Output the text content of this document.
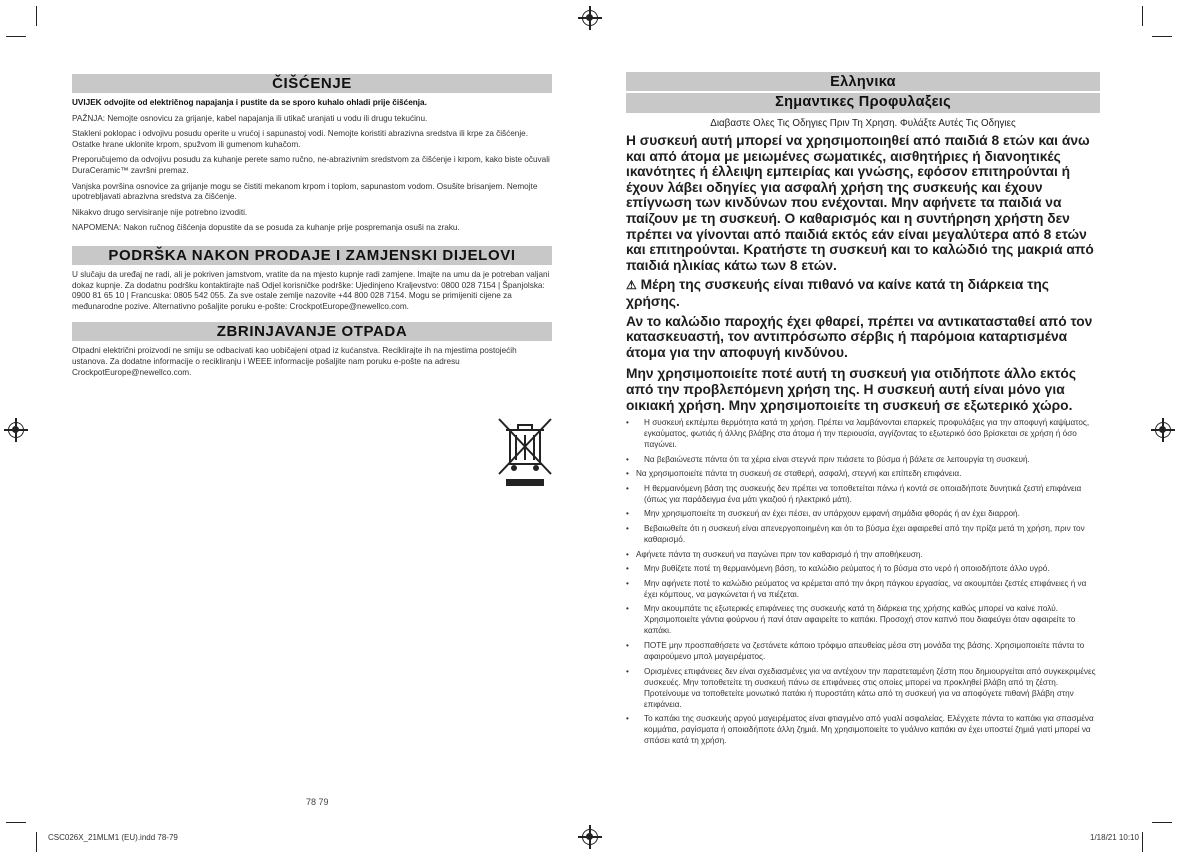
ČIŠĆENJE

UVIJEK odvojite od električnog napajanja i pustite da se sporo kuhalo ohladi prije čišćenja.

PAŽNJA: Nemojte osnovicu za grijanje, kabel napajanja ili utikač uranjati u vodu ili drugu tekućinu.

Stakleni poklopac i odvojivu posudu operite u vrućoj i sapunastoj vodi. Nemojte koristiti abrazivna sredstva ili krpe za čišćenje. Ostatke hrane uklonite krpom, spužvom ili gumenom kuhačom.

Preporučujemo da odvojivu posudu za kuhanje perete samo ručno, ne-abrazivnim sredstvom za čišćenje i krpom, kako biste očuvali DuraCeramic™ završni premaz.

Vanjska površina osnovice za grijanje mogu se čistiti mekanom krpom i toplom, sapunastom vodom. Osušite brisanjem. Nemojte upotrebljavati abrazivna sredstva za čišćenje.

Nikakvo drugo servisiranje nije potrebno izvoditi.

NAPOMENA: Nakon ručnog čišćenja dopustite da se posuda za kuhanje prije pospremanja osuši na zraku.

PODRŠKA NAKON PRODAJE I ZAMJENSKI DIJELOVI

U slučaju da uređaj ne radi, ali je pokriven jamstvom, vratite da na mjesto kupnje radi zamjene. Imajte na umu da je potreban valjani dokaz kupnje. Za dodatnu podršku kontaktirajte naš Odjel korisničke podrške: Ujedinjeno Kraljevstvo: 0800 028 7154 | Španjolska: 0900 81 65 10 | Francuska: 0805 542 055. Za sve ostale zemlje nazovite +44 800 028 7154. Mogu se primijeniti cijene za međunarodne pozive. Alternativno pošaljite poruku e-pošte: CrockpotEurope@newellco.com.

ZBRINJAVANJE OTPADA

Otpadni električni proizvodi ne smiju se odbacivati kao uobičajeni otpad iz kućanstva. Reciklirajte ih na mjestima postojećih ustanova. Za dodatne informacije o recikliranju i WEEE informacije pošaljite nam poruku e-pošte na adresu CrockpotEurope@newellco.com.

Ελληνικα
Σημαντικες Προφυλαξεις
Διαβαστε Ολες Τις Οδηγιες Πριν Τη Χρηση. Φυλάξτε Αυτές Τις Οδηγιες

Η συσκευή αυτή μπορεί να χρησιμοποιηθεί από παιδιά 8 ετών και άνω και από άτομα με μειωμένες σωματικές, αισθητήριες ή διανοητικές ικανότητες ή έλλειψη εμπειρίας και γνώσης, εφόσον επιτηρούνται ή έχουν λάβει οδηγίες για ασφαλή χρήση της συσκευής και έχουν επίγνωση των κινδύνων που ενέχονται. Μην αφήνετε τα παιδιά να παίζουν με τη συσκευή. Ο καθαρισμός και η συντήρηση χρήστη δεν πρέπει να γίνονται από παιδιά εκτός εάν είναι μεγαλύτερα από 8 ετών και επιτηρούνται. Κρατήστε τη συσκευή και το καλώδιό της μακριά από παιδιά ηλικίας κάτω των 8 ετών.

⚠ Μέρη της συσκευής είναι πιθανό να καίνε κατά τη διάρκεια της χρήσης.

Αν το καλώδιο παροχής έχει φθαρεί, πρέπει να αντικατασταθεί από τον κατασκευαστή, τον αντιπρόσωπο σέρβις ή παρόμοια καταρτισμένα άτομα για την αποφυγή κινδύνου.

Μην χρησιμοποιείτε ποτέ αυτή τη συσκευή για οτιδήποτε άλλο εκτός από την προβλεπόμενη χρήση της. Η συσκευή αυτή είναι μόνο για οικιακή χρήση. Μην χρησιμοποιείτε τη συσκευή σε εξωτερικό χώρο.

• Η συσκευή εκπέμπει θερμότητα κατά τη χρήση. Πρέπει να λαμβάνονται επαρκείς προφυλάξεις για την αποφυγή καψίματος, εγκαύματος, φωτιάς ή άλλης βλάβης στα άτομα ή την περιουσία, αγγίζοντας το εξωτερικό όσο βρίσκεται σε χρήση ή όσο παγώνει.
• Να βεβαιώνεστε πάντα ότι τα χέρια είναι στεγνά πριν πιάσετε το βύσμα ή βάλετε σε λειτουργία τη συσκευή.
• Να χρησιμοποιείτε πάντα τη συσκευή σε σταθερή, ασφαλή, στεγνή και επίπεδη επιφάνεια.
• Η θερμαινόμενη βάση της συσκευής δεν πρέπει να τοποθετείται πάνω ή κοντά σε οποιαδήποτε δυνητικά ζεστή επιφάνεια (όπως για παράδειγμα ένα μάτι γκαζιού ή ηλεκτρικό μάτι).
• Μην χρησιμοποιείτε τη συσκευή αν έχει πέσει, αν υπάρχουν εμφανή σημάδια φθοράς ή αν έχει διαρροή.
• Βεβαιωθείτε ότι η συσκευή είναι απενεργοποιημένη και ότι το βύσμα έχει αφαιρεθεί από την πρίζα μετά τη χρήση, πριν τον καθαρισμό.
• Αφήνετε πάντα τη συσκευή να παγώνει πριν τον καθαρισμό ή την αποθήκευση.
• Μην βυθίζετε ποτέ τη θερμαινόμενη βάση, το καλώδιο ρεύματος ή το βύσμα στο νερό ή οποιοδήποτε άλλο υγρό.
• Μην αφήνετε ποτέ το καλώδιο ρεύματος να κρέμεται από την άκρη πάγκου εργασίας, να ακουμπάει ζεστές επιφάνειες ή να έχει κόμπους, να μαγκώνεται ή να πιέζεται.
• Μην ακουμπάτε τις εξωτερικές επιφάνειες της συσκευής κατά τη διάρκεια της χρήσης καθώς μπορεί να καίνε πολύ. Χρησιμοποιείτε γάντια φούρνου ή πανί όταν αφαιρείτε το καπάκι. Προσοχή στον καπνό που διαφεύγει όταν αφαιρείτε το καπάκι.
• ΠΟΤΕ μην προσπαθήσετε να ζεστάνετε κάποιο τρόφιμο απευθείας μέσα στη μονάδα της βάσης. Χρησιμοποιείτε πάντα το αφαιρούμενο μπολ μαγειρέματος.
• Ορισμένες επιφάνειες δεν είναι σχεδιασμένες για να αντέχουν την παρατεταμένη ζέστη που δημιουργείται από συγκεκριμένες συσκευές. Μην τοποθετείτε τη συσκευή πάνω σε επιφάνειες στις οποίες μπορεί να προκληθεί βλάβη από τη ζέστη. Προτείνουμε να τοποθετείτε μονωτικό πατάκι ή πυρoστάτη κάτω από τη συσκευή για να αποφύγετε πιθανή βλάβη στην επιφάνεια.
• Το καπάκι της συσκευής αργού μαγειρέματος είναι φτιαγμένο από γυαλί ασφαλείας. Ελέγχετε πάντα το καπάκι για σπασμένα κομμάτια, ραγίσματα ή οποιαδήποτε άλλη ζημιά. Μη χρησιμοποιείτε το γυάλινο καπάκι αν έχει υποστεί ζημιά γιατί μπορεί να σπάσει κατά τη χρήση.
78 79
CSC026X_21MLM1 (EU).indd 78-79	1/18/21 10:10
